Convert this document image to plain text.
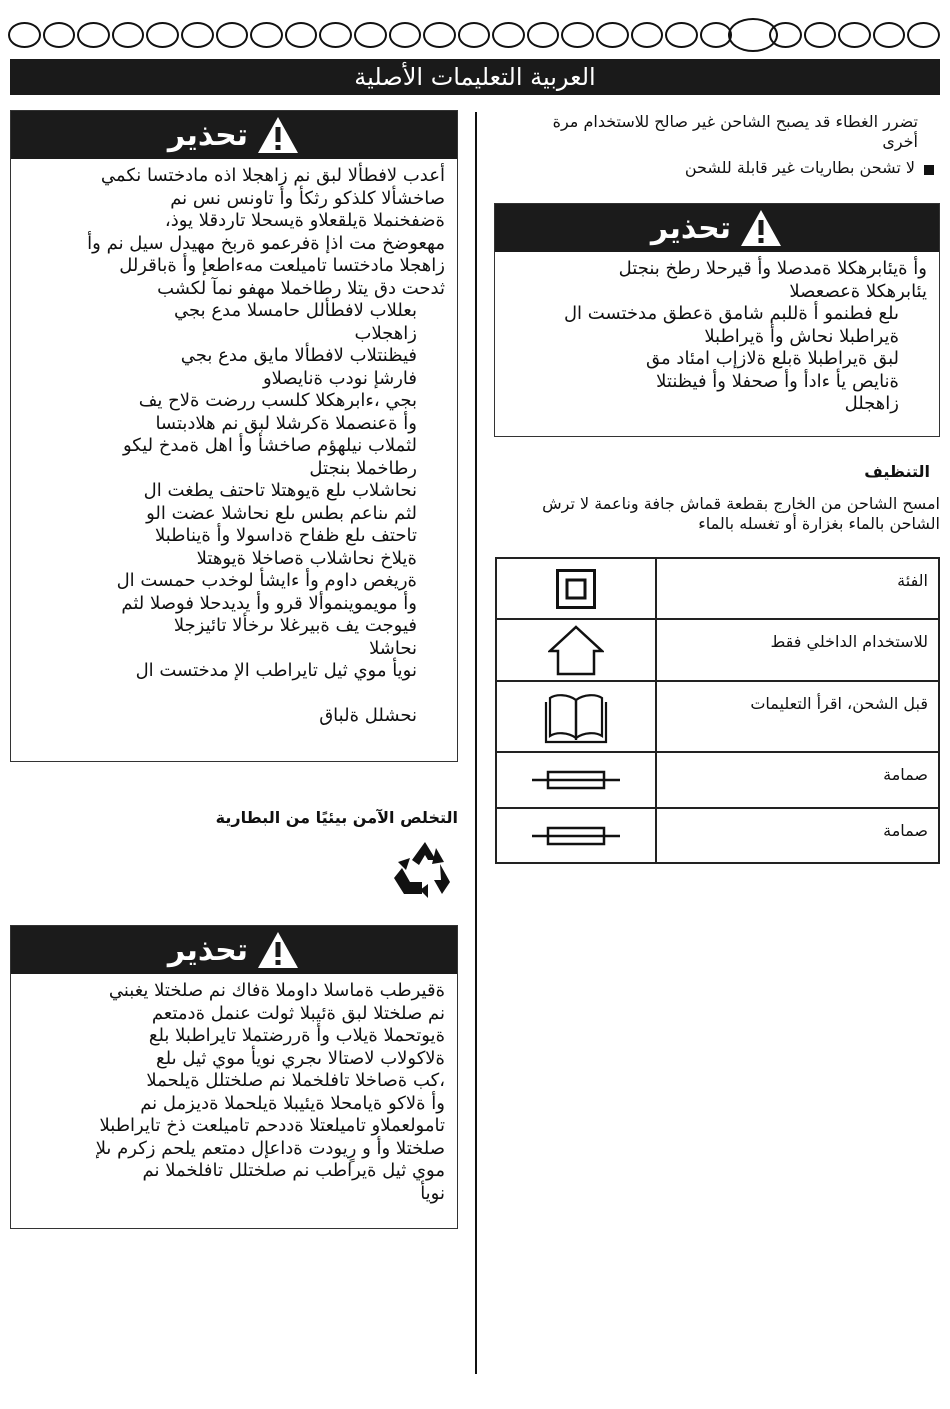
العربية التعليمات الأصلية
تحذير
أعدب لافطألا لبق نم زاهجلا اذه مادختسا نكمي
صاخشألا كلذكو رثكأ وأ تاونس نس نم
ةضفخنملا ةيلقعلاو ةيسحلا تاردقلا يوذ،
مهعوضخ مت اذإ ةفرعمو ةربخ مهيدل سيل نم وأ
زاهجلا مادختسا تاميلعت مهءاطعإ وأ ةباقرلل
ثدحت دق يتلا رطاخملا مهفو نمآ لكشب
بعللاب لافطألل حامسلا مدع بجي
زاهجلاب
فيظنتلاب لافطألا مايق مدع بجي
فارشإ نودب ةنايصلاو
بجي ،ءابرهكلا كلسب ررضت ةلاح يف
وأ ةعنصملا ةكرشلا لبق نم هلادبتسا
لثملاب نيلهؤم صاخشأ وأ اهل ةمدخ ليكو
رطاخملا بنجتل
نحاشلاب ىلع ةيوهتلا تاحتف يطغت ال
لثم ىناعم بطس ىلع نحاشلا عضت الو
تاحتف ىلع ظفاح ةداسولا وأ ةيناطبلا
ةيلاخ نحاشلاب ةصاخلا ةيوهتلا
ةريغص داوم وأ ءايشأ لوخدب حمست ال
وأ مويموينموألا قرو وأ يديدحلا فوصلا لثم
فيوجت يف ةبيرغلا ىرخألا تائيزجلا
نحاشلا
نويأ موي ثيل تايراطب الإ مدختست ال
نحشلل ةلباق
التخلص الآمن بيئيًا من البطارية
تحذير
ةقيرطب ةماسلا داوملا ةفاك نم صلختلا يغبني
نم صلختلا لبق ةئيبلا ثولت عنمل ةدمتعم
ةيوتحملا ةيلاب وأ ةررضتملا تايراطبلا بلع
ةلاكولاب لاصتالا ىجري نويأ موي ثيل ىلع
،كب ةصاخلا تافلخملا نم صلختلل ةيلحملا
وأ ةلاكو ةيامحلا ةيئيبلا ةيلحملا ةديزمل نم
تامولعملاو تاميلعتلا ةددحم تاميلعت ذخ تايراطبلا
صلختلا وأ و رٍيودت ةداعإل دمتعم يلحم زكرم ىلإ
موي ثيل ةيراطب نم صلختلل تافلخملا نم
نويأ
تضرر الغطاء قد يصبح الشاحن غير صالح للاستخدام مرة
أخرى
لا تشحن بطاريات غير قابلة للشحن
تحذير
وأ ةيئابرهكلا ةمدصلا وأ قيرحلا رطخ بنجتل
يئابرهكلا ةعصعصلا
ىلع فطنمو أ ةللبم شامق ةعطق مدختست ال
ةيراطبلا نحاش وأ ةيراطبلا
لبق ةيراطبلا ةبلع ةلازإب امئاد مق
ةنايص يأ ءادأ وأ صحفلا وأ فيظنتلا
زاهجلل
التنظيف
امسح الشاحن من الخارج بقطعة قماش جافة وناعمة لا ترش الشاحن بالماء بغزارة أو تغسله بالماء
الفئة
للاستخدام الداخلي فقط
قبل الشحن، اقرأ التعليمات
صمامة
صمامة
